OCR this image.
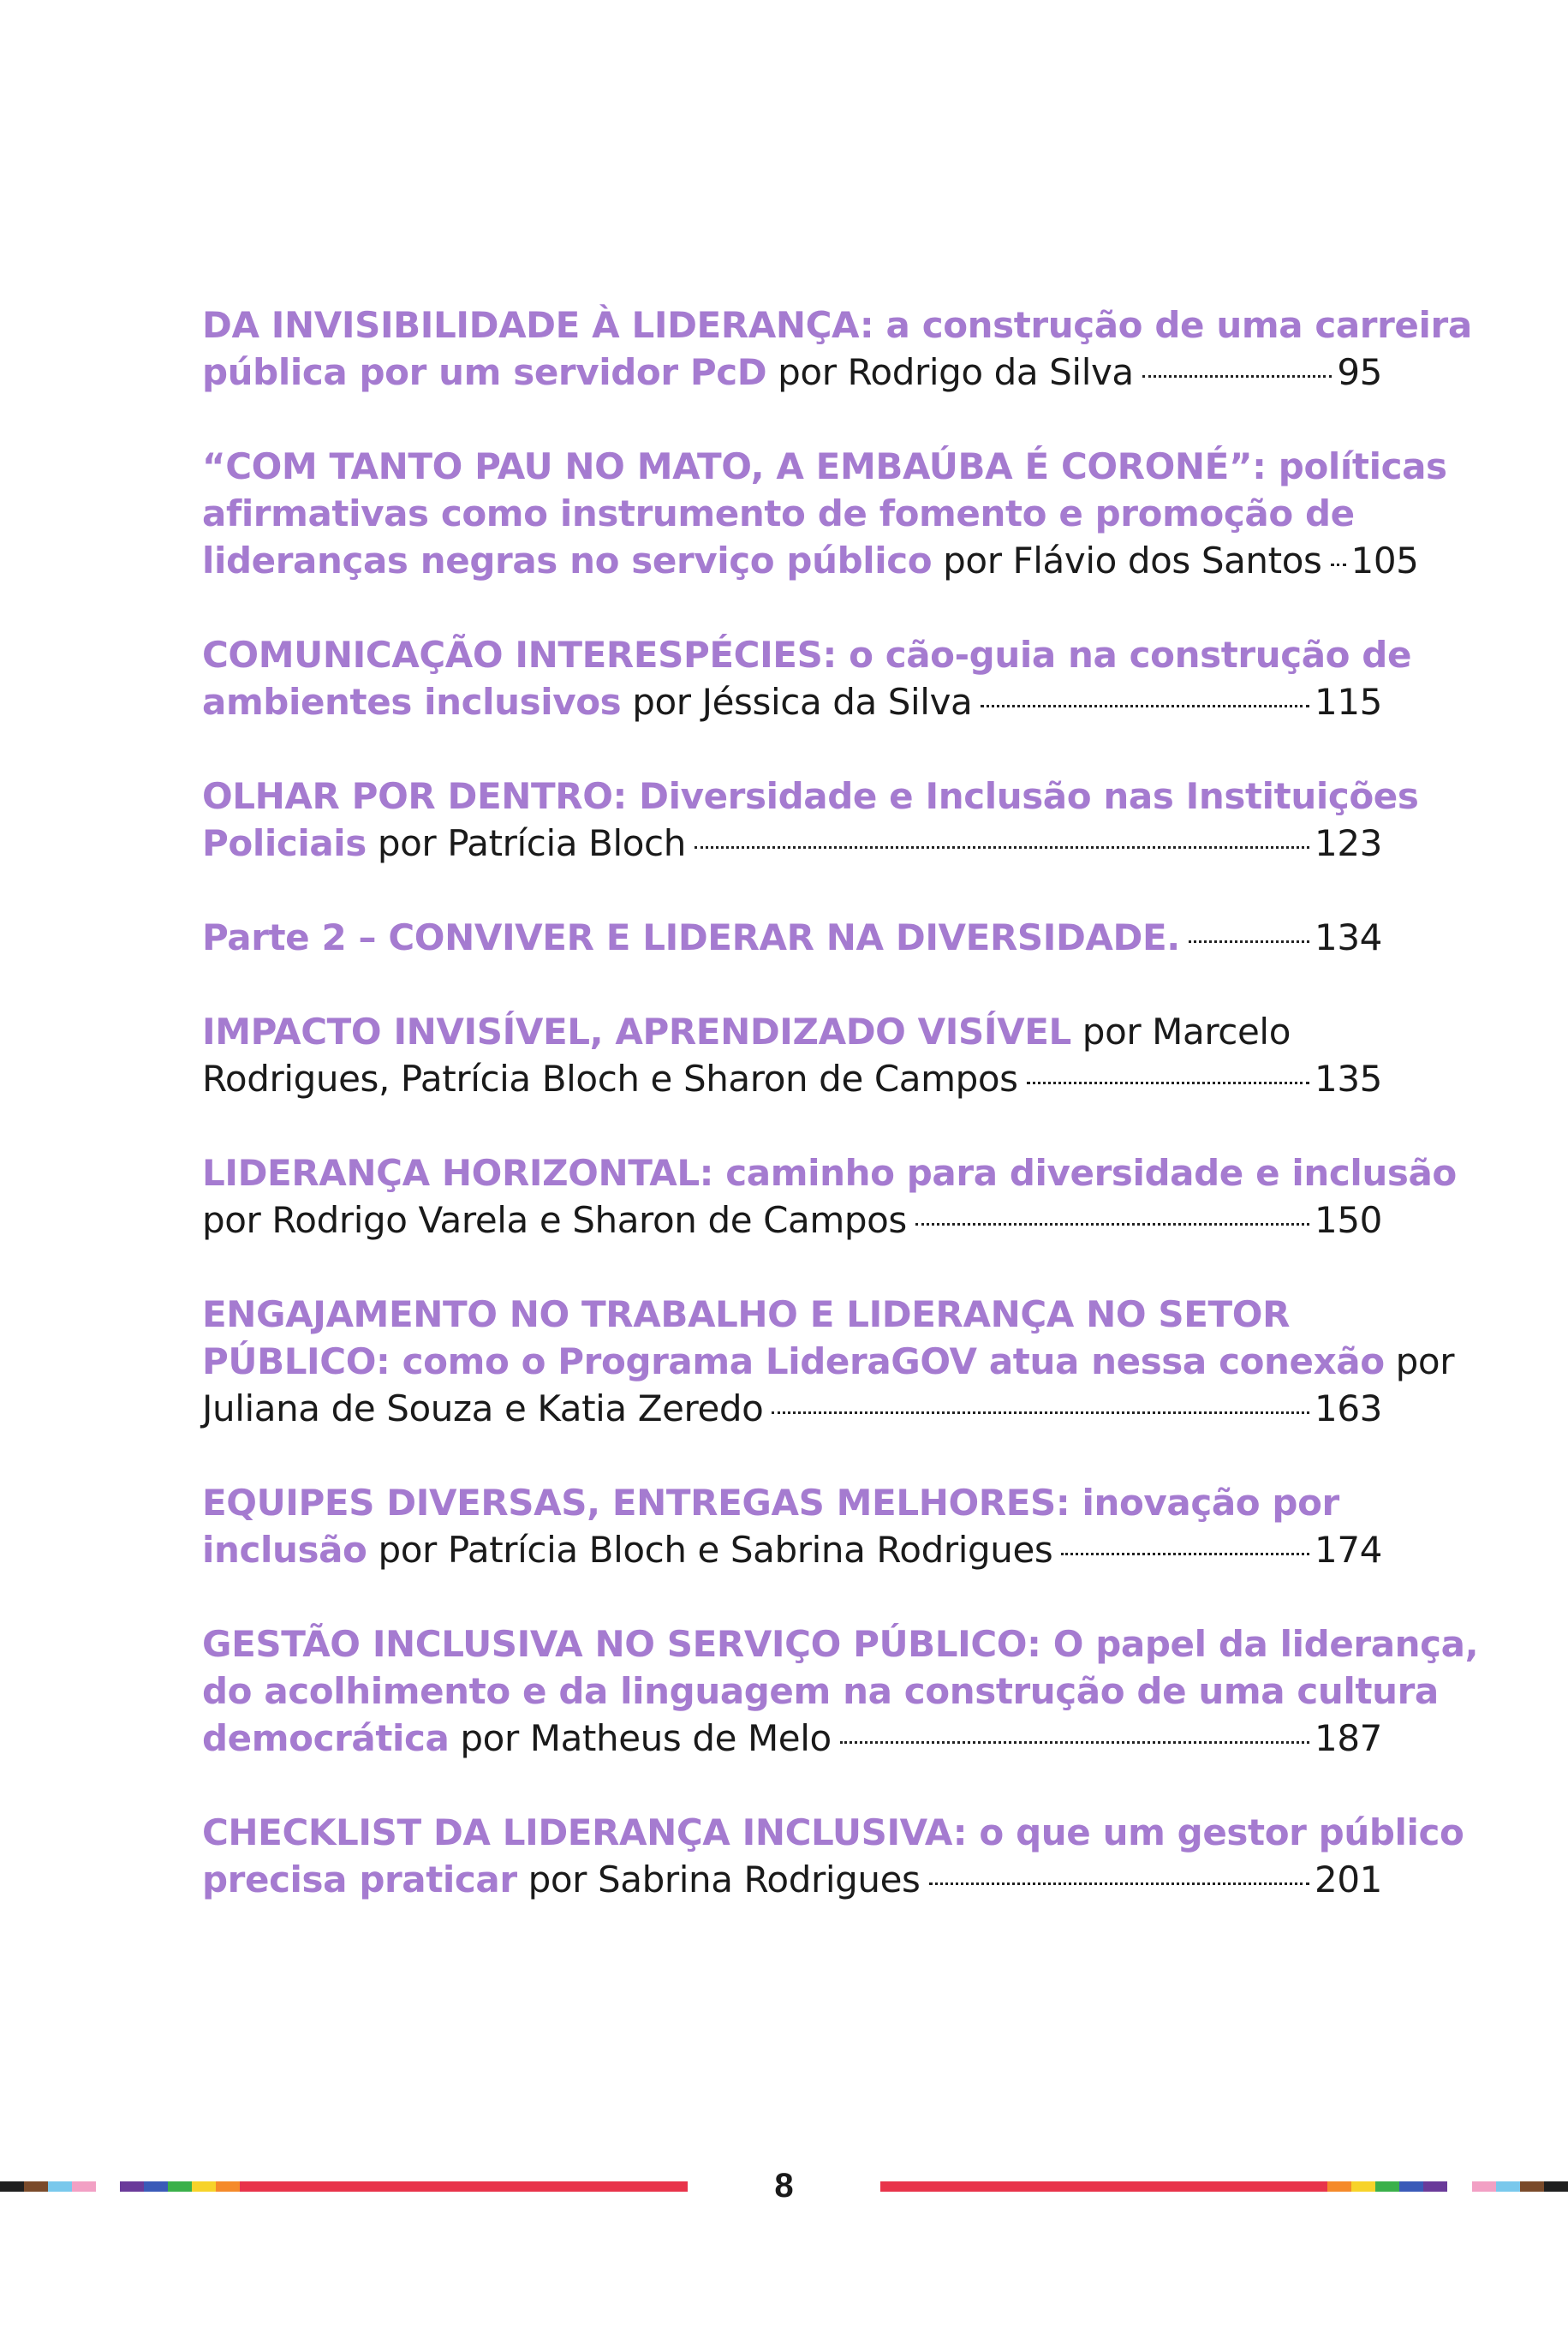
DA INVISIBILIDADE À LIDERANÇA: a construção de uma carreira
pública por um servidor PcD por Rodrigo da Silva	95
“COM TANTO PAU NO MATO, A EMBAÚBA É CORONÉ”: políticas
afirmativas como instrumento de fomento e promoção de
lideranças negras no serviço público por Flávio dos Santos 105
COMUNICAÇÃO INTERESPÉCIES: o cão-guia na construção de
ambientes inclusivos por Jéssica da Silva	115
OLHAR POR DENTRO: Diversidade e Inclusão nas Instituições
Policiais por Patrícia Bloch	123
Parte 2 – CONVIVER E LIDERAR NA DIVERSIDADE.	134
IMPACTO INVISÍVEL, APRENDIZADO VISÍVEL por Marcelo
Rodrigues, Patrícia Bloch e Sharon de Campos	135
LIDERANÇA HORIZONTAL: caminho para diversidade e inclusão
por Rodrigo Varela e Sharon de Campos	150
ENGAJAMENTO NO TRABALHO E LIDERANÇA NO SETOR
PÚBLICO: como o Programa LideraGOV atua nessa conexão por
Juliana de Souza e Katia Zeredo	163
EQUIPES DIVERSAS, ENTREGAS MELHORES: inovação por
inclusão por Patrícia Bloch e Sabrina Rodrigues	174
GESTÃO INCLUSIVA NO SERVIÇO PÚBLICO: O papel da liderança,
do acolhimento e da linguagem na construção de uma cultura
democrática por Matheus de Melo	187
CHECKLIST DA LIDERANÇA INCLUSIVA: o que um gestor público
precisa praticar por Sabrina Rodrigues	201
8
